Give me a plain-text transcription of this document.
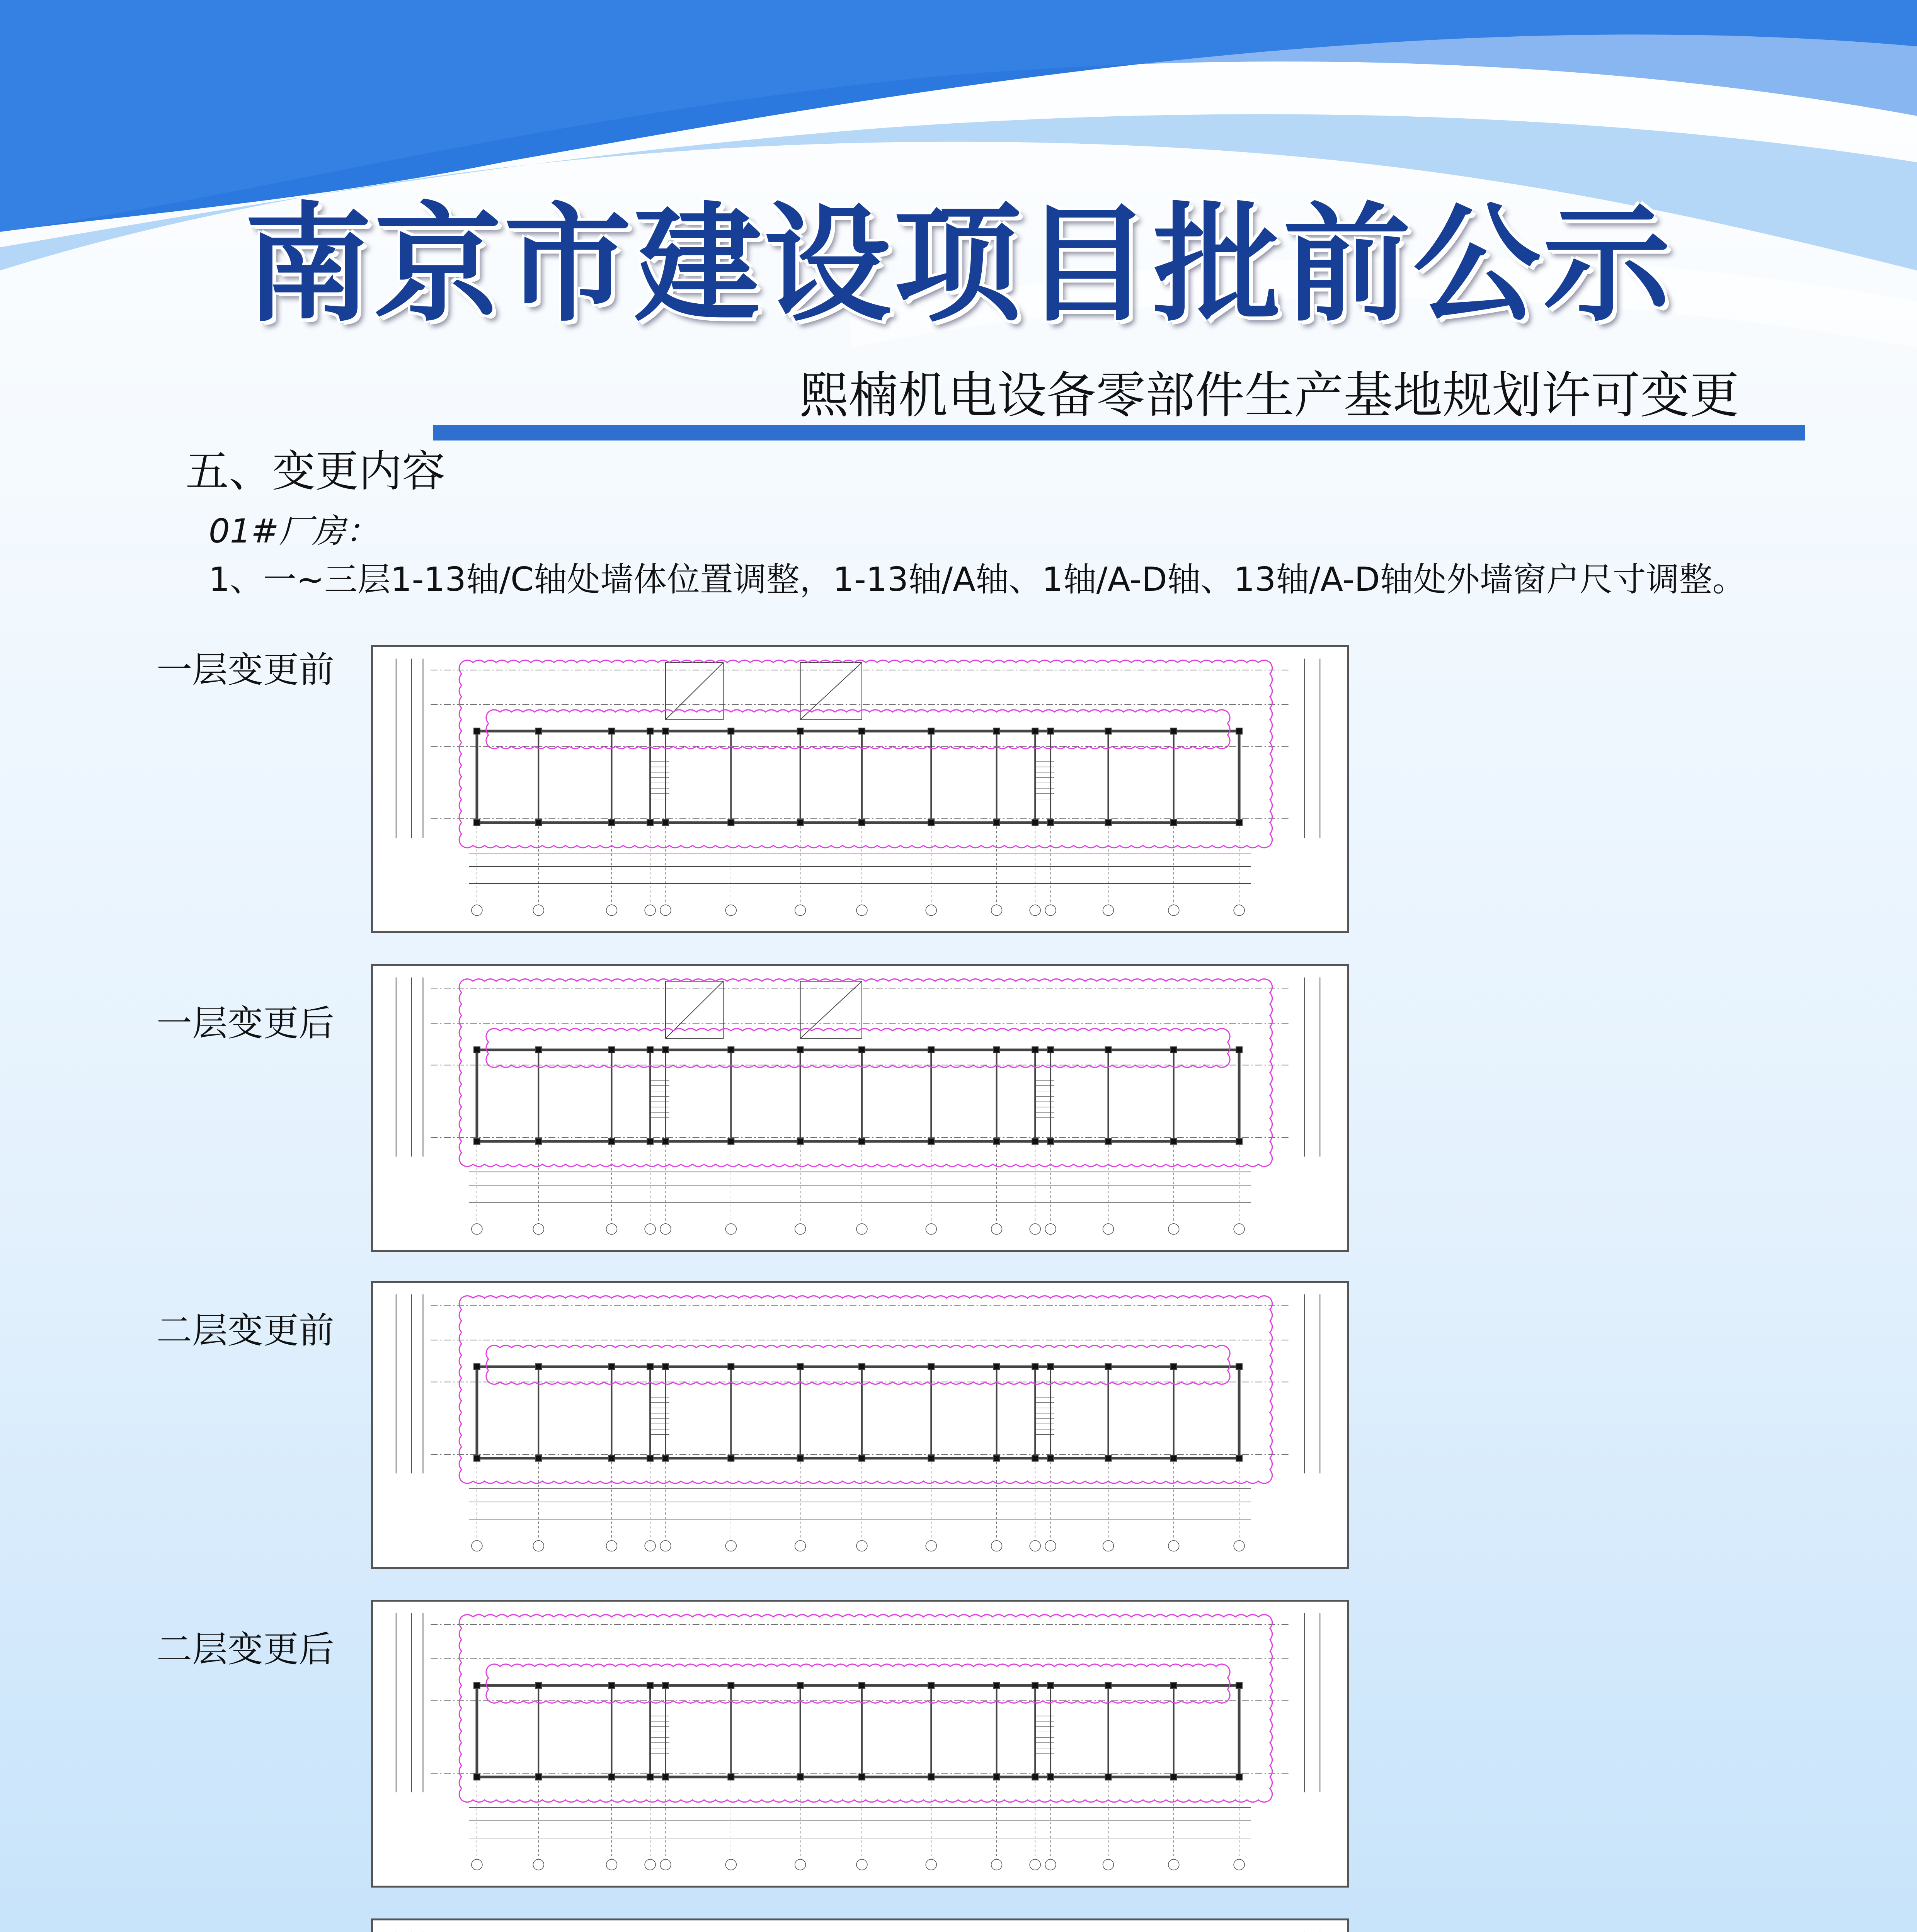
南京市建设项目批前公示
熙楠机电设备零部件生产基地规划许可变更
五、变更内容
01#厂房：
1、一~三层1-13轴/C轴处墙体位置调整，1-13轴/A轴、1轴/A-D轴、13轴/A-D轴处外墙窗户尺寸调整。
一层变更前
一层变更后
二层变更前
二层变更后
